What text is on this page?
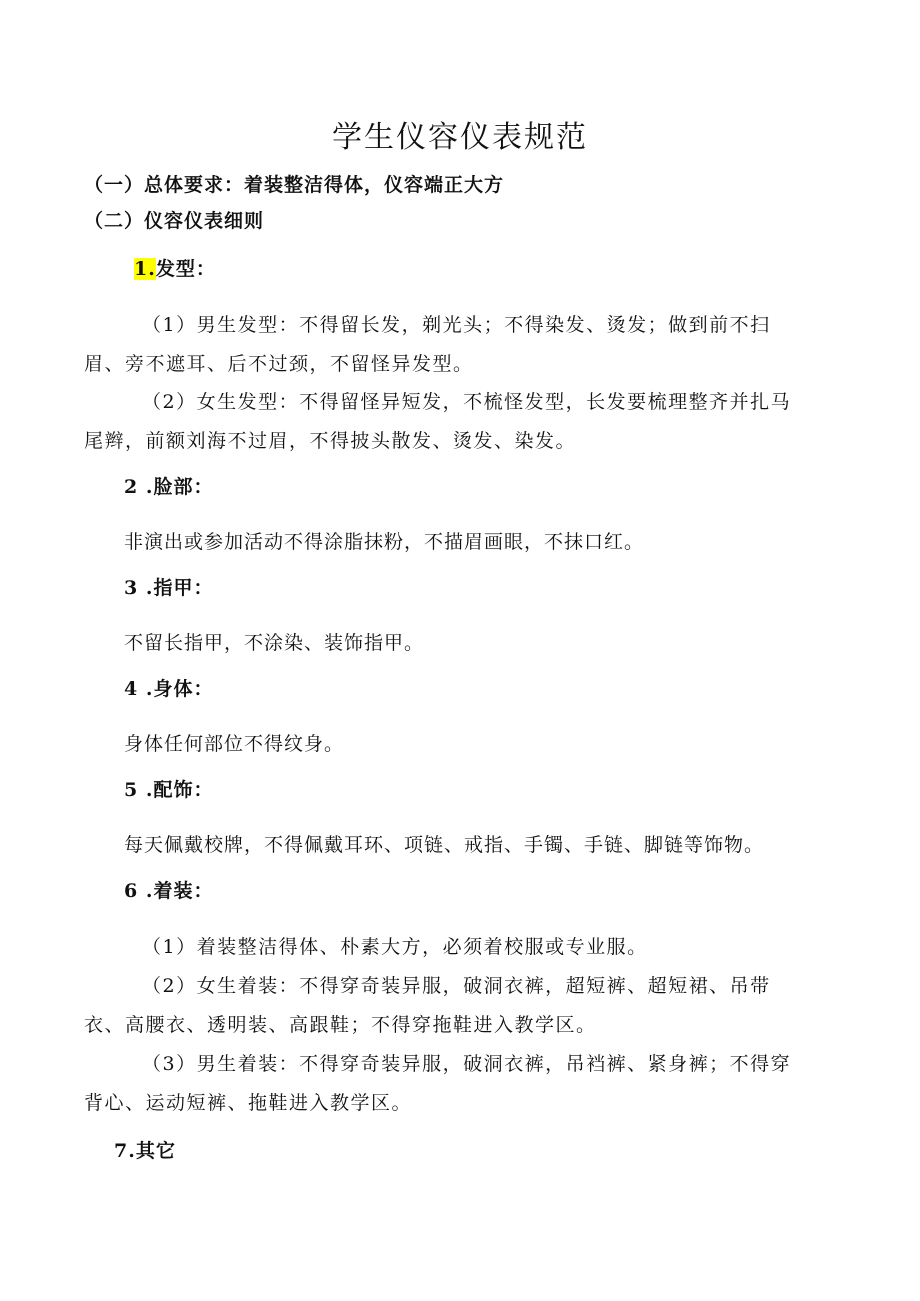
学生仪容仪表规范
（一）总体要求：着装整洁得体，仪容端正大方
（二）仪容仪表细则
1.发型：
（1）男生发型：不得留长发，剃光头；不得染发、烫发；做到前不扫
眉、旁不遮耳、后不过颈，不留怪异发型。
（2）女生发型：不得留怪异短发，不梳怪发型，长发要梳理整齐并扎马
尾辫，前额刘海不过眉，不得披头散发、烫发、染发。
2 .脸部：
非演出或参加活动不得涂脂抹粉，不描眉画眼，不抹口红。
3 .指甲：
不留长指甲，不涂染、装饰指甲。
4 .身体：
身体任何部位不得纹身。
5 .配饰：
每天佩戴校牌，不得佩戴耳环、项链、戒指、手镯、手链、脚链等饰物。
6 .着装：
（1）着装整洁得体、朴素大方，必须着校服或专业服。
（2）女生着装：不得穿奇装异服，破洞衣裤，超短裤、超短裙、吊带
衣、高腰衣、透明装、高跟鞋；不得穿拖鞋进入教学区。
（3）男生着装：不得穿奇装异服，破洞衣裤，吊裆裤、紧身裤；不得穿
背心、运动短裤、拖鞋进入教学区。
7.其它
